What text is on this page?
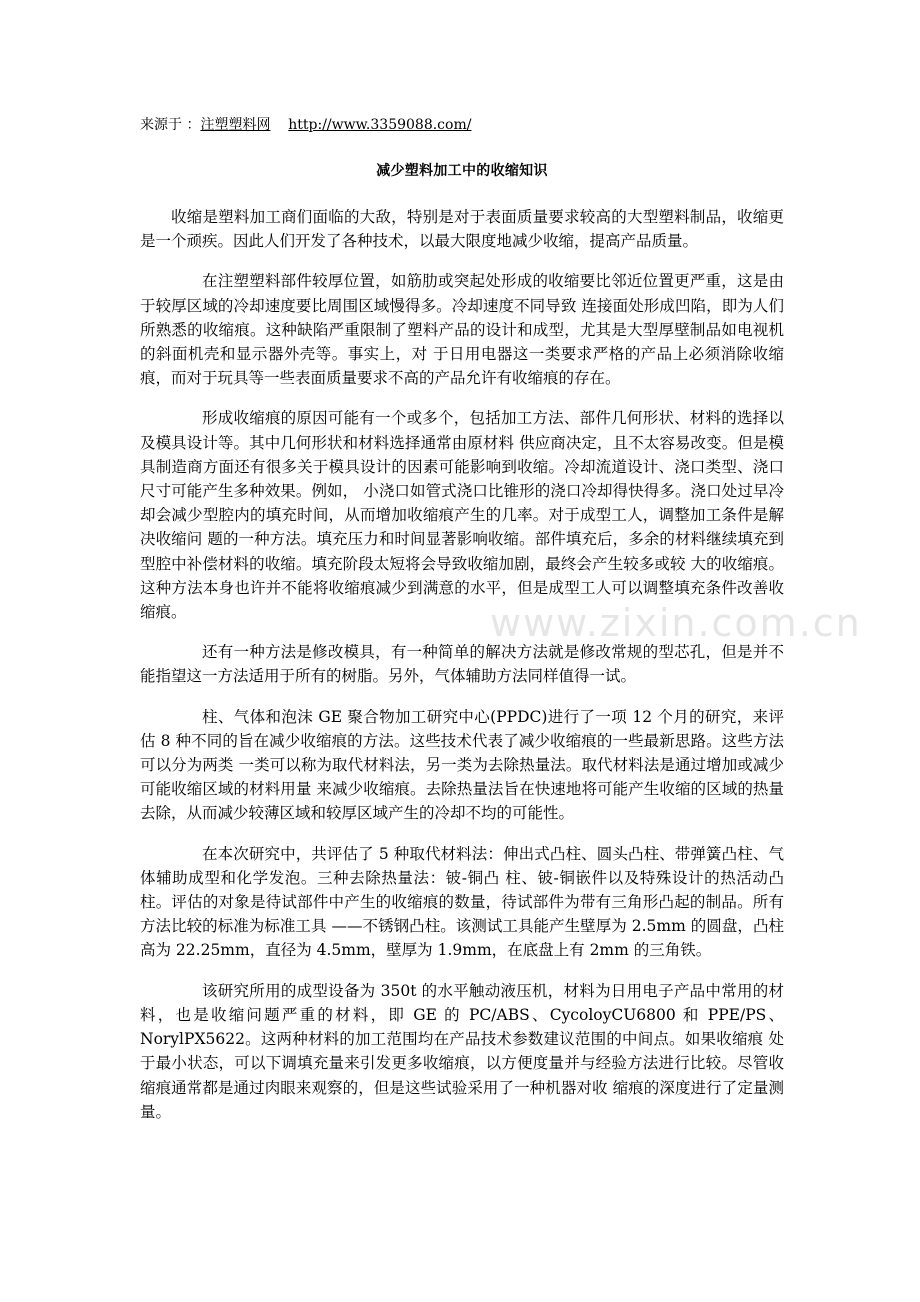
来源于 ：注塑塑料网 http://www.3359088.com/
减少塑料加工中的收缩知识

收缩是塑料加工商们面临的大敌，特别是对于表面质量要求较高的大型塑料制品，收缩更是一个顽疾。因此人们开发了各种技术，以最大限度地减少收缩，提高产品质量。

在注塑塑料部件较厚位置，如筋肋或突起处形成的收缩要比邻近位置更严重，这是由于较厚区域的冷却速度要比周围区域慢得多。冷却速度不同导致 连接面处形成凹陷，即为人们所熟悉的收缩痕。这种缺陷严重限制了塑料产品的设计和成型，尤其是大型厚壁制品如电视机的斜面机壳和显示器外壳等。事实上，对 于日用电器这一类要求严格的产品上必须消除收缩痕，而对于玩具等一些表面质量要求不高的产品允许有收缩痕的存在。

形成收缩痕的原因可能有一个或多个，包括加工方法、部件几何形状、材料的选择以及模具设计等。其中几何形状和材料选择通常由原材料 供应商决定，且不太容易改变。但是模具制造商方面还有很多关于模具设计的因素可能影响到收缩。冷却流道设计、浇口类型、浇口尺寸可能产生多种效果。例如， 小浇口如管式浇口比锥形的浇口冷却得快得多。浇口处过早冷却会减少型腔内的填充时间，从而增加收缩痕产生的几率。对于成型工人，调整加工条件是解决收缩问 题的一种方法。填充压力和时间显著影响收缩。部件填充后，多余的材料继续填充到型腔中补偿材料的收缩。填充阶段太短将会导致收缩加剧，最终会产生较多或较 大的收缩痕。这种方法本身也许并不能将收缩痕减少到满意的水平，但是成型工人可以调整填充条件改善收缩痕。

还有一种方法是修改模具，有一种简单的解决方法就是修改常规的型芯孔，但是并不能指望这一方法适用于所有的树脂。另外，气体辅助方法同样值得一试。

柱、气体和泡沫 GE 聚合物加工研究中心(PPDC)进行了一项 12 个月的研究，来评估 8 种不同的旨在减少收缩痕的方法。这些技术代表了减少收缩痕的一些最新思路。这些方法可以分为两类 一类可以称为取代材料法，另一类为去除热量法。取代材料法是通过增加或减少可能收缩区域的材料用量 来减少收缩痕。去除热量法旨在快速地将可能产生收缩的区域的热量去除，从而减少较薄区域和较厚区域产生的冷却不均的可能性。

在本次研究中，共评估了 5 种取代材料法：伸出式凸柱、圆头凸柱、带弹簧凸柱、气体辅助成型和化学发泡。三种去除热量法：铍-铜凸 柱、铍-铜嵌件以及特殊设计的热活动凸柱。评估的对象是待试部件中产生的收缩痕的数量，待试部件为带有三角形凸起的制品。所有方法比较的标准为标准工具 ——不锈钢凸柱。该测试工具能产生壁厚为 2.5mm 的圆盘，凸柱高为 22.25mm，直径为 4.5mm，壁厚为 1.9mm，在底盘上有 2mm 的三角铁。

该研究所用的成型设备为 350t 的水平触动液压机，材料为日用电子产品中常用的材料，也是收缩问题严重的材料，即 GE 的 PC/ABS、CycoloyCU6800 和 PPE/PS、NorylPX5622。这两种材料的加工范围均在产品技术参数建议范围的中间点。如果收缩痕 处于最小状态，可以下调填充量来引发更多收缩痕，以方便度量并与经验方法进行比较。尽管收缩痕通常都是通过肉眼来观察的，但是这些试验采用了一种机器对收 缩痕的深度进行了定量测量。

www.zixin.com.cn
